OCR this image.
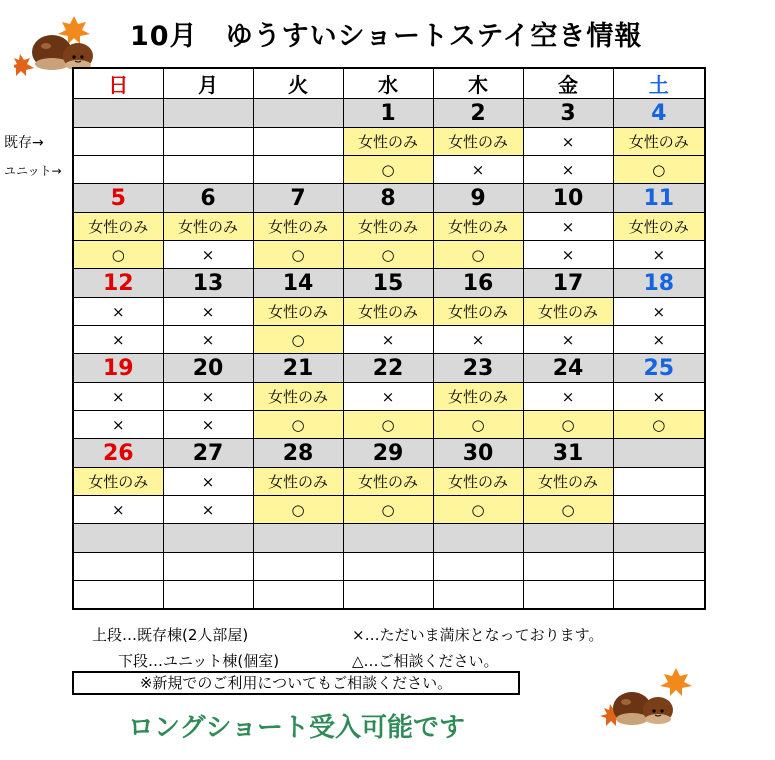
10月　ゆうすいショートステイ空き情報
既存→
ユニット→
日	月	火	水	木	金	土
			1	2	3	4
			女性のみ	女性のみ	×	女性のみ
			○	×	×	○
5	6	7	8	9	10	11
女性のみ	女性のみ	女性のみ	女性のみ	女性のみ	×	女性のみ
○	×	○	○	○	×	×
12	13	14	15	16	17	18
×	×	女性のみ	女性のみ	女性のみ	女性のみ	×
×	×	○	×	×	×	×
19	20	21	22	23	24	25
×	×	女性のみ	×	女性のみ	×	×
×	×	○	○	○	○	○
26	27	28	29	30	31	
女性のみ	×	女性のみ	女性のみ	女性のみ	女性のみ	
×	×	○	○	○	○	

上段…既存棟(2人部屋)
下段…ユニット棟(個室)
×…ただいま満床となっております。
△…ご相談ください。
※新規でのご利用についてもご相談ください。
ロングショート受入可能です
